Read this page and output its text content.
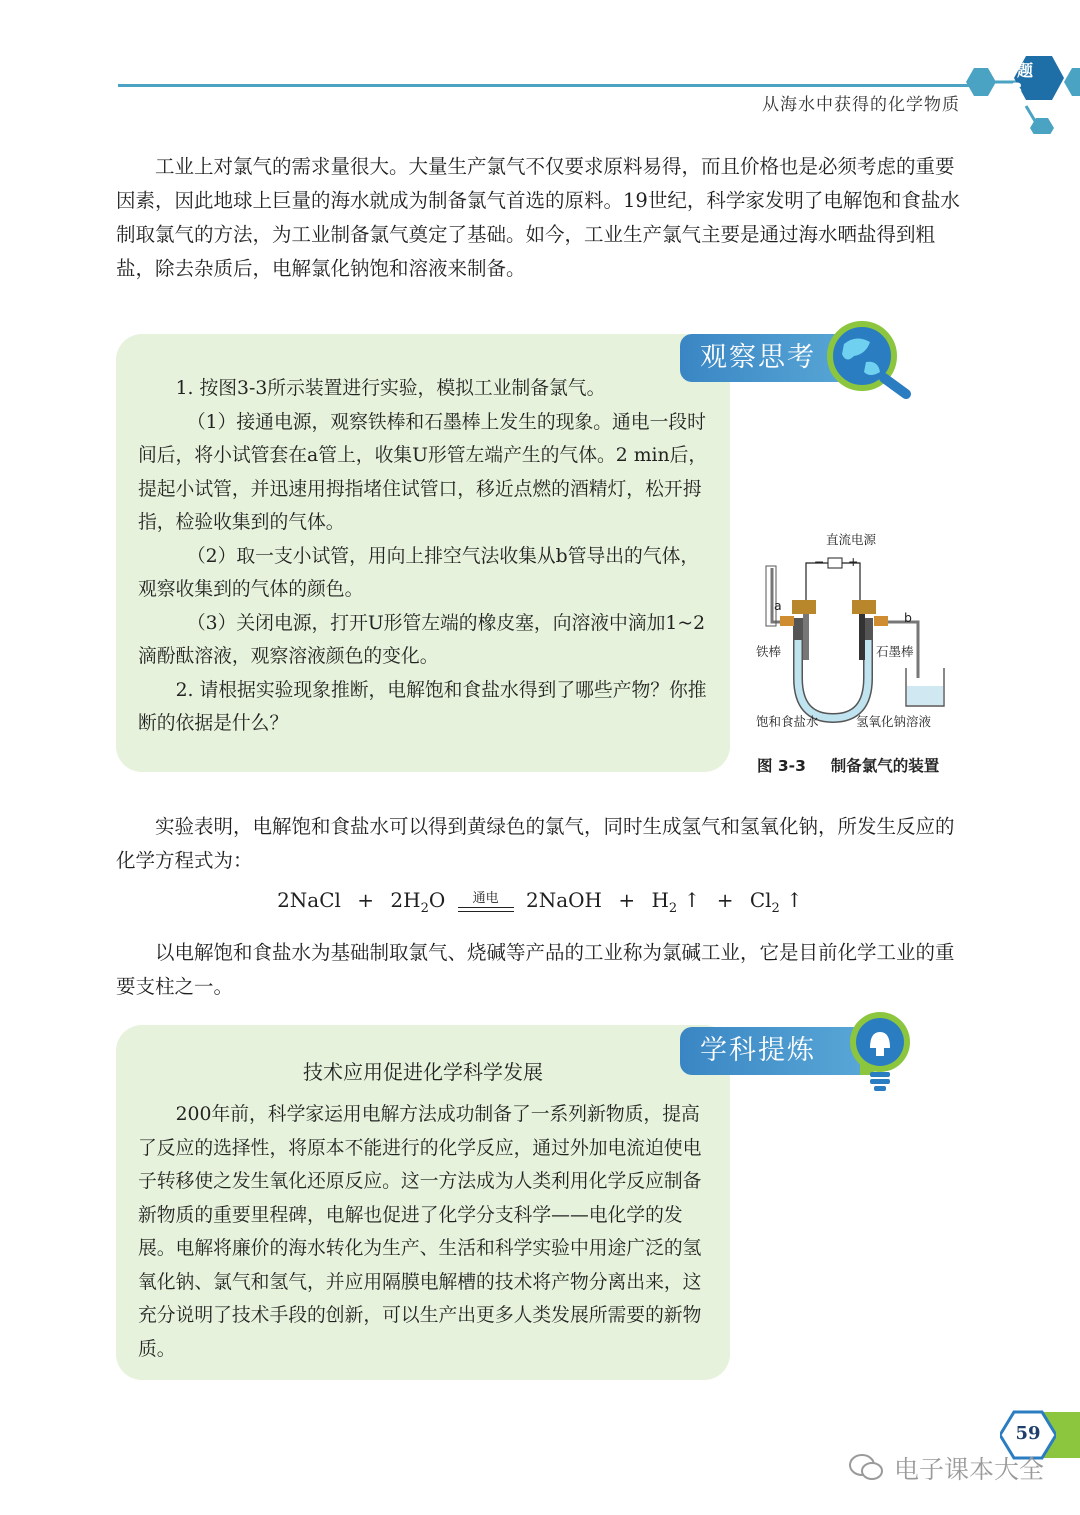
从海水中获得的化学物质
专题
3

工业上对氯气的需求量很大。大量生产氯气不仅要求原料易得，而且价格也是必须考虑的重要因素，因此地球上巨量的海水就成为制备氯气首选的原料。19世纪，科学家发明了电解饱和食盐水制取氯气的方法，为工业制备氯气奠定了基础。如今，工业生产氯气主要是通过海水晒盐得到粗盐，除去杂质后，电解氯化钠饱和溶液来制备。

观察思考

1. 按图3-3所示装置进行实验，模拟工业制备氯气。

（1）接通电源，观察铁棒和石墨棒上发生的现象。通电一段时间后，将小试管套在a管上，收集U形管左端产生的气体。2 min后，提起小试管，并迅速用拇指堵住试管口，移近点燃的酒精灯，松开拇指，检验收集到的气体。

（2）取一支小试管，用向上排空气法收集从b管导出的气体，观察收集到的气体的颜色。

（3）关闭电源，打开U形管左端的橡皮塞，向溶液中滴加1~2滴酚酞溶液，观察溶液颜色的变化。

2. 请根据实验现象推断，电解饱和食盐水得到了哪些产物？你推断的依据是什么？

直流电源
− +
a
b
铁棒	石墨棒
饱和食盐水	氢氧化钠溶液
图 3-3 制备氯气的装置

实验表明，电解饱和食盐水可以得到黄绿色的氯气，同时生成氢气和氢氧化钠，所发生反应的化学方程式为：

2NaCl + $2H_2O$	通电	2NaOH + $H_2$ ↑ + $Cl_2$ ↑

以电解饱和食盐水为基础制取氯气、烧碱等产品的工业称为氯碱工业，它是目前化学工业的重要支柱之一。

学科提炼
技术应用促进化学科学发展

200年前，科学家运用电解方法成功制备了一系列新物质，提高了反应的选择性，将原本不能进行的化学反应，通过外加电流迫使电子转移使之发生氧化还原反应。这一方法成为人类利用化学反应制备新物质的重要里程碑，电解也促进了化学分支科学——电化学的发展。电解将廉价的海水转化为生产、生活和科学实验中用途广泛的氢氧化钠、氯气和氢气，并应用隔膜电解槽的技术将产物分离出来，这充分说明了技术手段的创新，可以生产出更多人类发展所需要的新物质。

59
电子课本大全
